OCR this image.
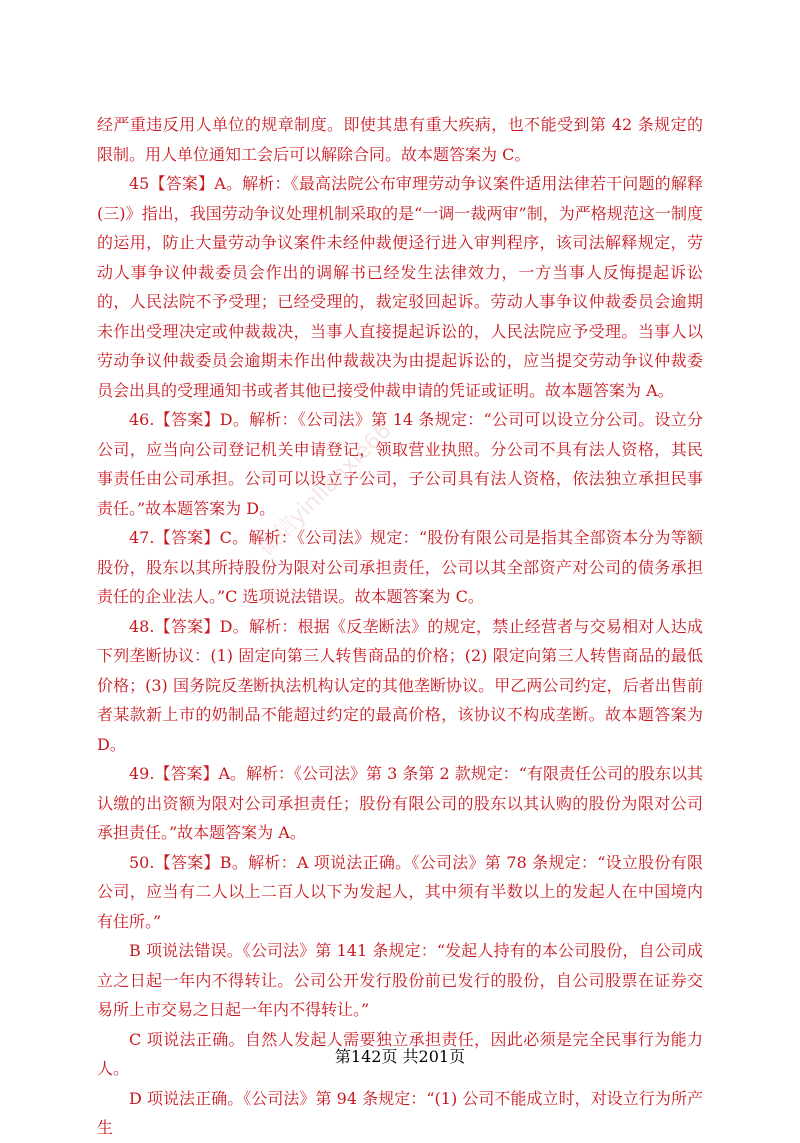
微信yinlianxie66

经严重违反用人单位的规章制度。即使其患有重大疾病，也不能受到第 42 条规定的限制。用人单位通知工会后可以解除合同。故本题答案为 C。

45【答案】A。解析：《最高法院公布审理劳动争议案件适用法律若干问题的解释(三)》指出，我国劳动争议处理机制采取的是“一调一裁两审”制，为严格规范这一制度的运用，防止大量劳动争议案件未经仲裁便迳行进入审判程序，该司法解释规定，劳动人事争议仲裁委员会作出的调解书已经发生法律效力，一方当事人反悔提起诉讼的，人民法院不予受理；已经受理的，裁定驳回起诉。劳动人事争议仲裁委员会逾期未作出受理决定或仲裁裁决，当事人直接提起诉讼的，人民法院应予受理。当事人以劳动争议仲裁委员会逾期未作出仲裁裁决为由提起诉讼的，应当提交劳动争议仲裁委员会出具的受理通知书或者其他已接受仲裁申请的凭证或证明。故本题答案为 A。

46.【答案】D。解析：《公司法》第 14 条规定：“公司可以设立分公司。设立分公司，应当向公司登记机关申请登记，领取营业执照。分公司不具有法人资格，其民事责任由公司承担。公司可以设立子公司，子公司具有法人资格，依法独立承担民事责任。”故本题答案为 D。

47.【答案】C。解析：《公司法》规定：“股份有限公司是指其全部资本分为等额股份，股东以其所持股份为限对公司承担责任，公司以其全部资产对公司的债务承担责任的企业法人。”C 选项说法错误。故本题答案为 C。

48.【答案】D。解析：根据《反垄断法》的规定，禁止经营者与交易相对人达成下列垄断协议：(1) 固定向第三人转售商品的价格；(2) 限定向第三人转售商品的最低价格；(3) 国务院反垄断执法机构认定的其他垄断协议。甲乙两公司约定，后者出售前者某款新上市的奶制品不能超过约定的最高价格，该协议不构成垄断。故本题答案为 D。

49.【答案】A。解析：《公司法》第 3 条第 2 款规定：“有限责任公司的股东以其认缴的出资额为限对公司承担责任；股份有限公司的股东以其认购的股份为限对公司承担责任。”故本题答案为 A。

50.【答案】B。解析：A 项说法正确。《公司法》第 78 条规定：“设立股份有限公司，应当有二人以上二百人以下为发起人，其中须有半数以上的发起人在中国境内有住所。”

B 项说法错误。《公司法》第 141 条规定：“发起人持有的本公司股份，自公司成立之日起一年内不得转让。公司公开发行股份前已发行的股份，自公司股票在证券交易所上市交易之日起一年内不得转让。”

C 项说法正确。自然人发起人需要独立承担责任，因此必须是完全民事行为能力人。

D 项说法正确。《公司法》第 94 条规定：“(1) 公司不能成立时，对设立行为所产生

第142页 共201页
